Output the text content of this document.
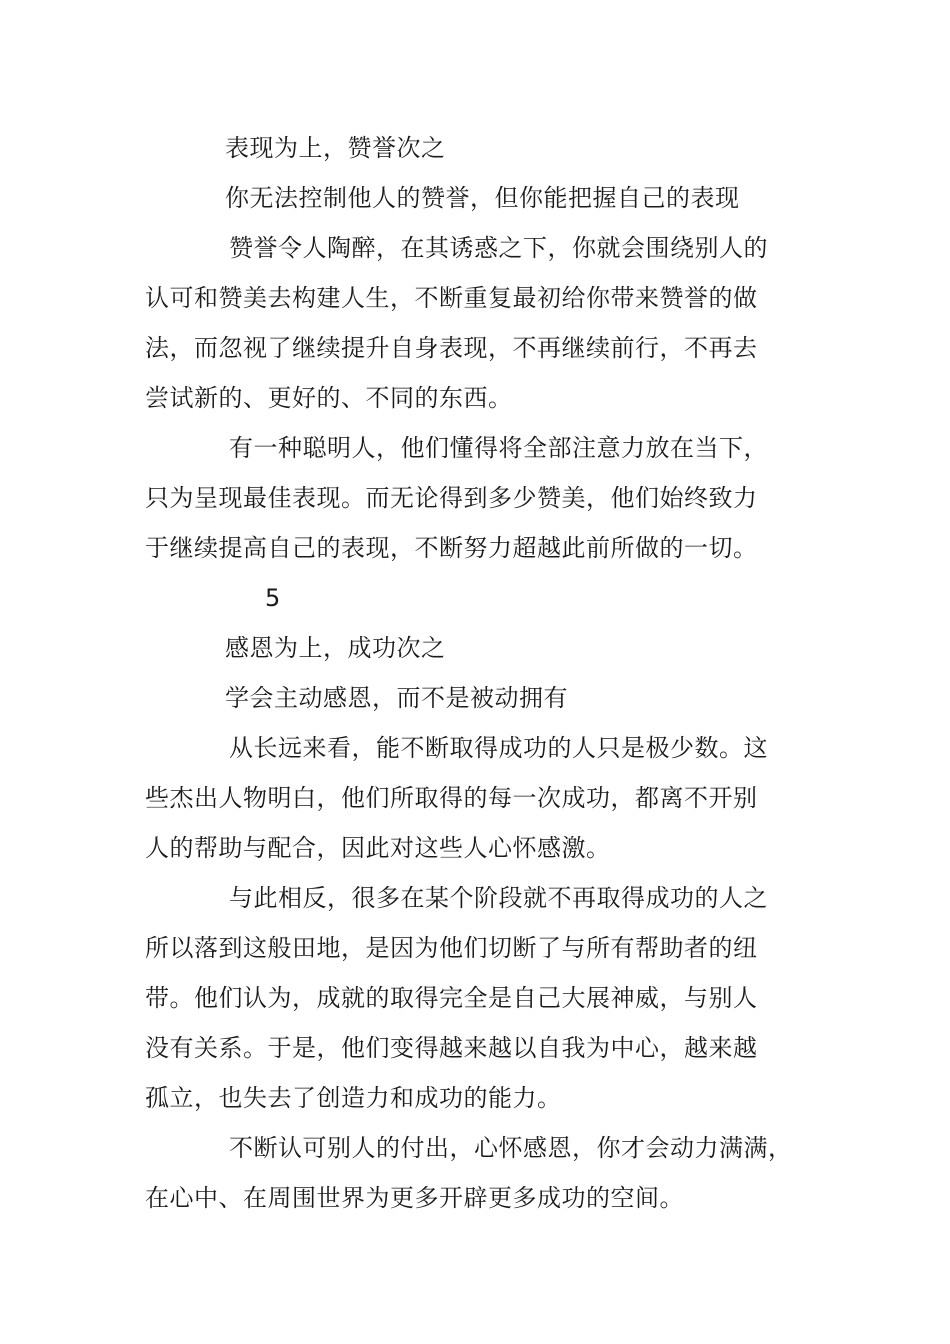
表现为上，赞誉次之
你无法控制他人的赞誉，但你能把握自己的表现
赞誉令人陶醉，在其诱惑之下，你就会围绕别人的
认可和赞美去构建人生，不断重复最初给你带来赞誉的做
法，而忽视了继续提升自身表现，不再继续前行，不再去
尝试新的、更好的、不同的东西。
有一种聪明人，他们懂得将全部注意力放在当下，
只为呈现最佳表现。而无论得到多少赞美，他们始终致力
于继续提高自己的表现，不断努力超越此前所做的一切。
5
感恩为上，成功次之
学会主动感恩，而不是被动拥有
从长远来看，能不断取得成功的人只是极少数。这
些杰出人物明白，他们所取得的每一次成功，都离不开别
人的帮助与配合，因此对这些人心怀感激。
与此相反，很多在某个阶段就不再取得成功的人之
所以落到这般田地，是因为他们切断了与所有帮助者的纽
带。他们认为，成就的取得完全是自己大展神威，与别人
没有关系。于是，他们变得越来越以自我为中心，越来越
孤立，也失去了创造力和成功的能力。
不断认可别人的付出，心怀感恩，你才会动力满满，
在心中、在周围世界为更多开辟更多成功的空间。
